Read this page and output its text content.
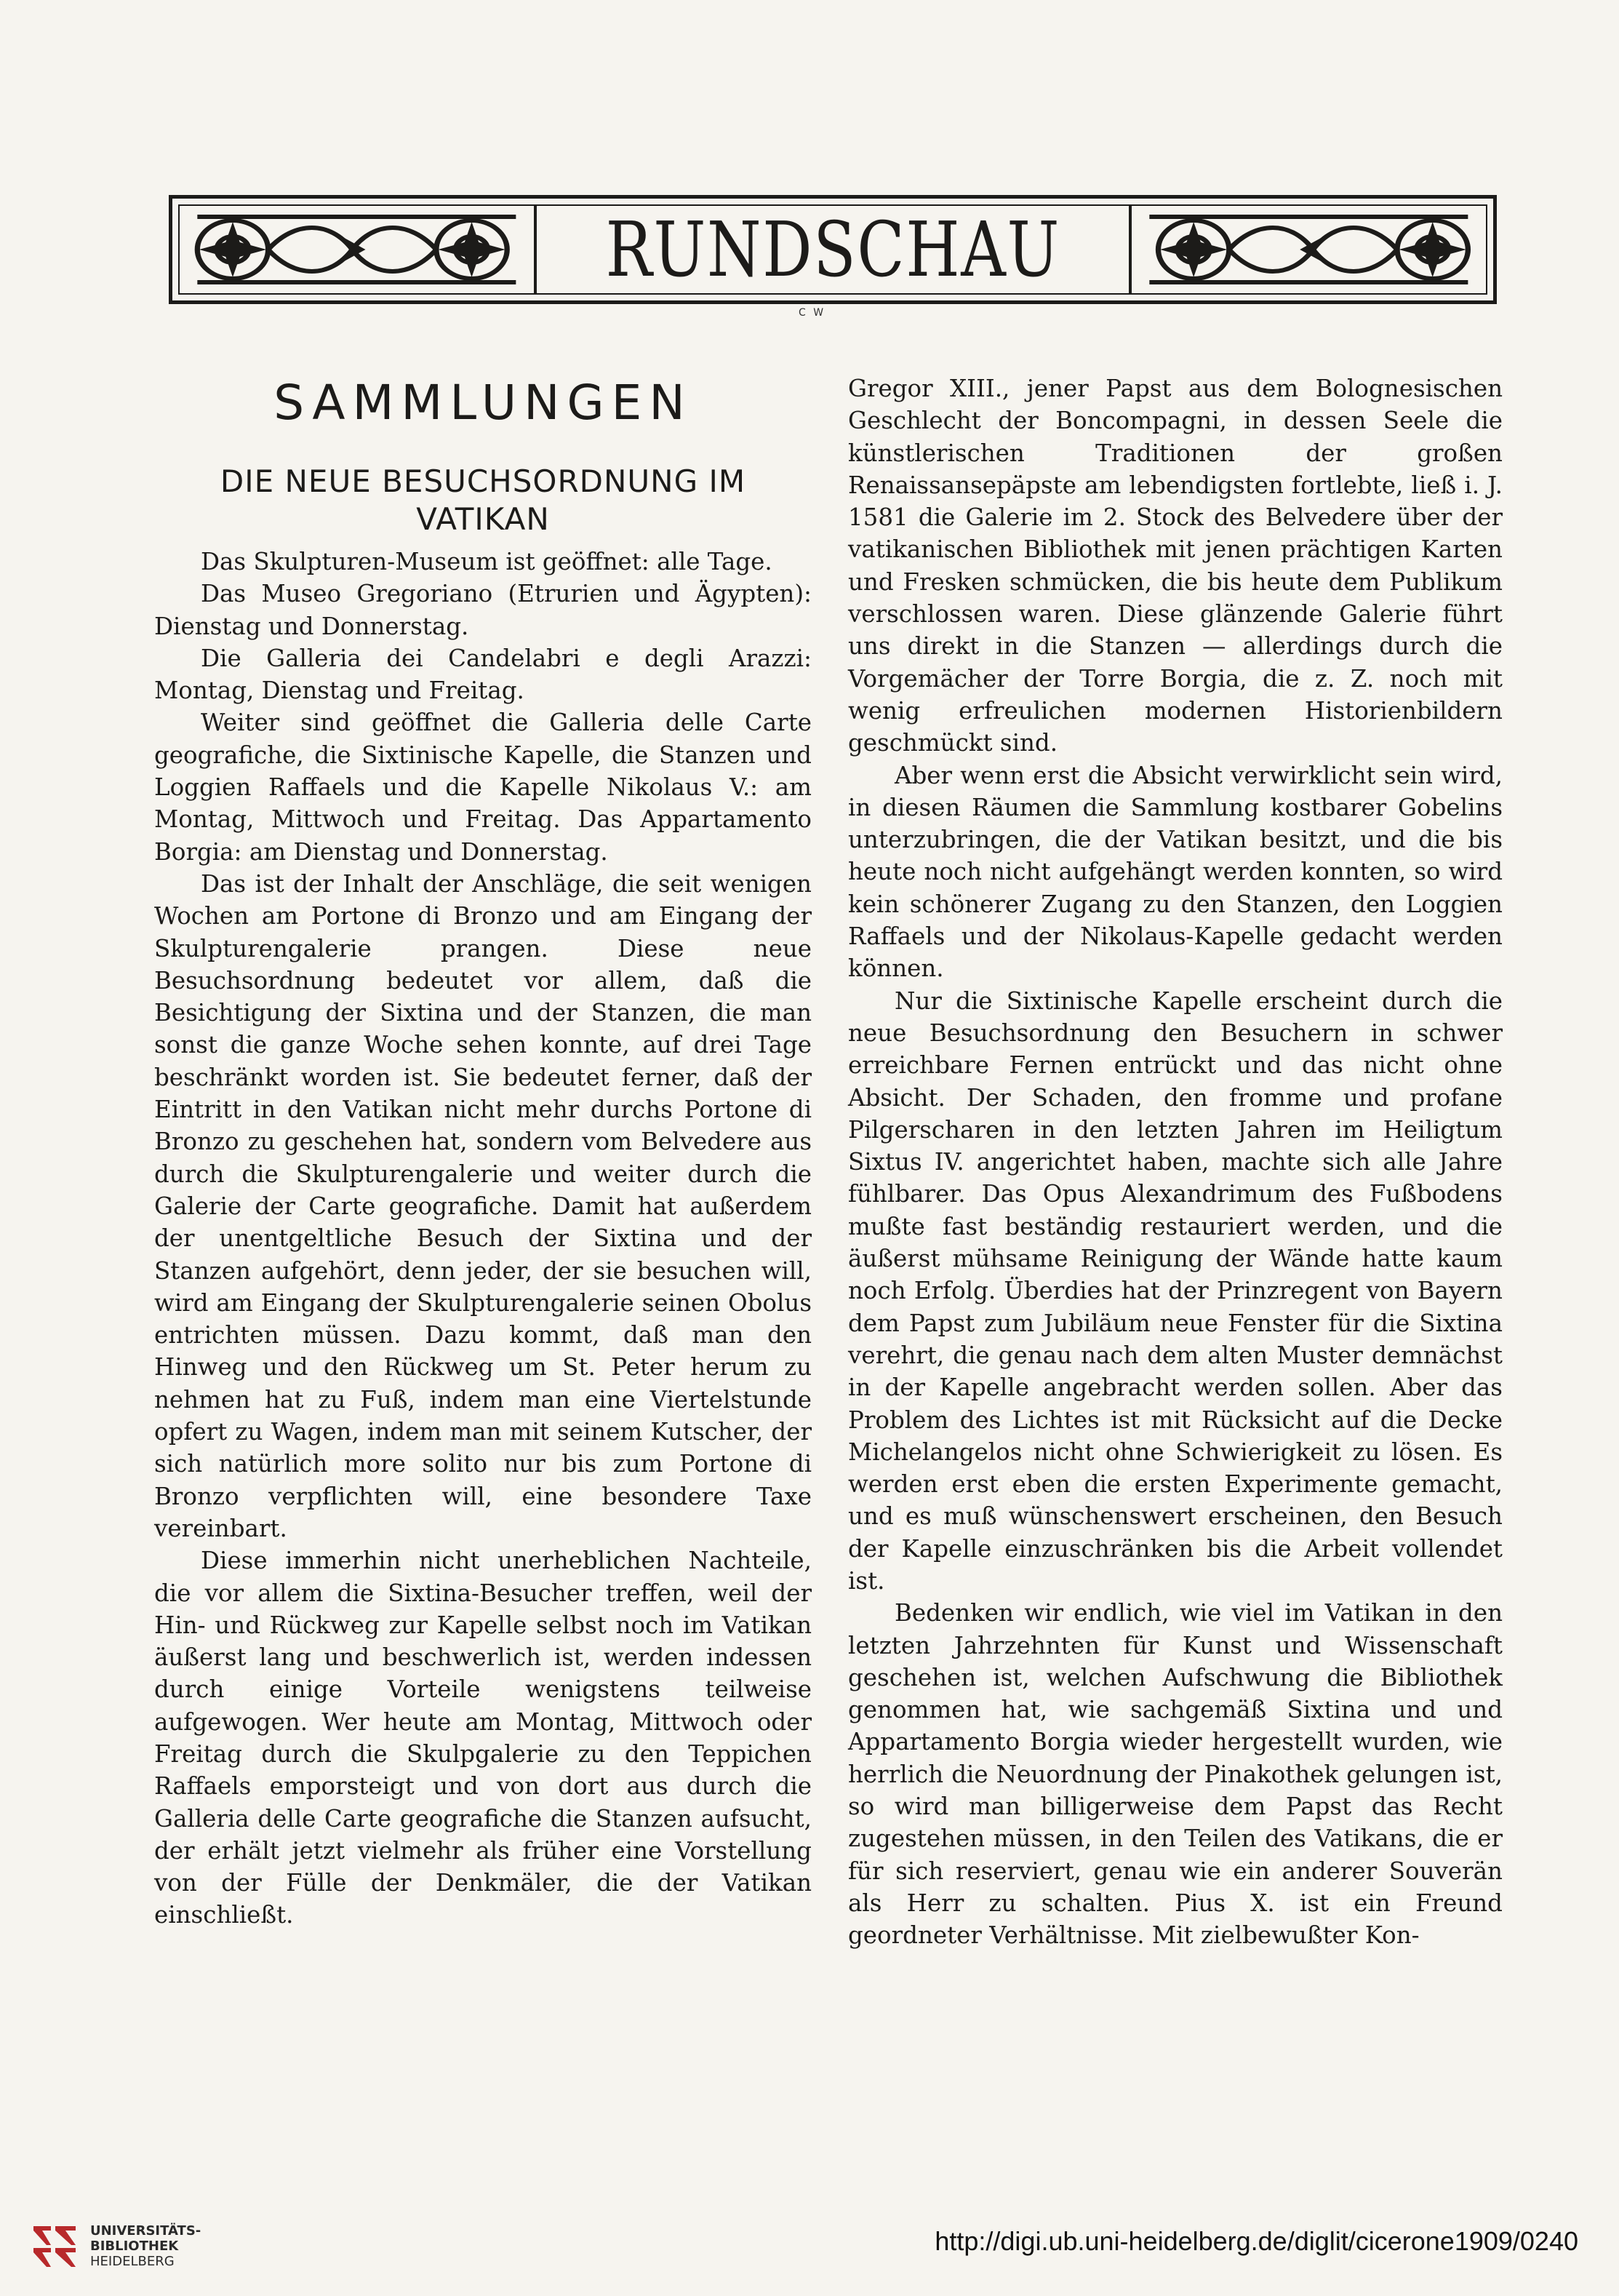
RUNDSCHAU
C W
SAMMLUNGEN
DIE NEUE BESUCHSORDNUNG IM VATIKAN

Das Skulpturen-Museum ist geöffnet: alle Tage.

Das Museo Gregoriano (Etrurien und Ägypten): Dienstag und Donnerstag.

Die Galleria dei Candelabri e degli Arazzi: Montag, Dienstag und Freitag.

Weiter sind geöffnet die Galleria delle Carte geografiche, die Sixtinische Kapelle, die Stanzen und Loggien Raffaels und die Kapelle Nikolaus V.: am Montag, Mittwoch und Freitag. Das Appartamento Borgia: am Dienstag und Donnerstag.

Das ist der Inhalt der Anschläge, die seit wenigen Wochen am Portone di Bronzo und am Eingang der Skulpturengalerie prangen. Diese neue Besuchsordnung bedeutet vor allem, daß die Besichtigung der Sixtina und der Stanzen, die man sonst die ganze Woche sehen konnte, auf drei Tage beschränkt worden ist. Sie bedeutet ferner, daß der Eintritt in den Vatikan nicht mehr durchs Portone di Bronzo zu geschehen hat, sondern vom Belvedere aus durch die Skulpturengalerie und weiter durch die Galerie der Carte geografiche. Damit hat außerdem der unentgeltliche Besuch der Sixtina und der Stanzen aufgehört, denn jeder, der sie besuchen will, wird am Eingang der Skulpturengalerie seinen Obolus entrichten müssen. Dazu kommt, daß man den Hinweg und den Rückweg um St. Peter herum zu nehmen hat zu Fuß, indem man eine Viertelstunde opfert zu Wagen, indem man mit seinem Kutscher, der sich natürlich more solito nur bis zum Portone di Bronzo verpflichten will, eine besondere Taxe vereinbart.

Diese immerhin nicht unerheblichen Nachteile, die vor allem die Sixtina-Besucher treffen, weil der Hin- und Rückweg zur Kapelle selbst noch im Vatikan äußerst lang und beschwerlich ist, werden indessen durch einige Vorteile wenigstens teilweise aufgewogen. Wer heute am Montag, Mittwoch oder Freitag durch die Skulpgalerie zu den Teppichen Raffaels emporsteigt und von dort aus durch die Galleria delle Carte geografiche die Stanzen aufsucht, der erhält jetzt vielmehr als früher eine Vorstellung von der Fülle der Denkmäler, die der Vatikan einschließt.

Gregor XIII., jener Papst aus dem Bolognesischen Geschlecht der Boncompagni, in dessen Seele die künstlerischen Traditionen der großen Renaissansepäpste am lebendigsten fortlebte, ließ i. J. 1581 die Galerie im 2. Stock des Belvedere über der vatikanischen Bibliothek mit jenen prächtigen Karten und Fresken schmücken, die bis heute dem Publikum verschlossen waren. Diese glänzende Galerie führt uns direkt in die Stanzen — allerdings durch die Vorgemächer der Torre Borgia, die z. Z. noch mit wenig erfreulichen modernen Historienbildern geschmückt sind.

Aber wenn erst die Absicht verwirklicht sein wird, in diesen Räumen die Sammlung kostbarer Gobelins unterzubringen, die der Vatikan besitzt, und die bis heute noch nicht aufgehängt werden konnten, so wird kein schönerer Zugang zu den Stanzen, den Loggien Raffaels und der Nikolaus-Kapelle gedacht werden können.

Nur die Sixtinische Kapelle erscheint durch die neue Besuchsordnung den Besuchern in schwer erreichbare Fernen entrückt und das nicht ohne Absicht. Der Schaden, den fromme und profane Pilgerscharen in den letzten Jahren im Heiligtum Sixtus IV. angerichtet haben, machte sich alle Jahre fühlbarer. Das Opus Alexandrimum des Fußbodens mußte fast beständig restauriert werden, und die äußerst mühsame Reinigung der Wände hatte kaum noch Erfolg. Überdies hat der Prinzregent von Bayern dem Papst zum Jubiläum neue Fenster für die Sixtina verehrt, die genau nach dem alten Muster demnächst in der Kapelle angebracht werden sollen. Aber das Problem des Lichtes ist mit Rücksicht auf die Decke Michelangelos nicht ohne Schwierigkeit zu lösen. Es werden erst eben die ersten Experimente gemacht, und es muß wünschenswert erscheinen, den Besuch der Kapelle einzuschränken bis die Arbeit vollendet ist.

Bedenken wir endlich, wie viel im Vatikan in den letzten Jahrzehnten für Kunst und Wissenschaft geschehen ist, welchen Aufschwung die Bibliothek genommen hat, wie sachgemäß Sixtina und und Appartamento Borgia wieder hergestellt wurden, wie herrlich die Neuordnung der Pinakothek gelungen ist, so wird man billigerweise dem Papst das Recht zugestehen müssen, in den Teilen des Vatikans, die er für sich reserviert, genau wie ein anderer Souverän als Herr zu schalten. Pius X. ist ein Freund geordneter Verhältnisse. Mit zielbewußter Kon-

UNIVERSITÄTS-
BIBLIOTHEK
HEIDELBERG
http://digi.ub.uni-heidelberg.de/diglit/cicerone1909/0240
